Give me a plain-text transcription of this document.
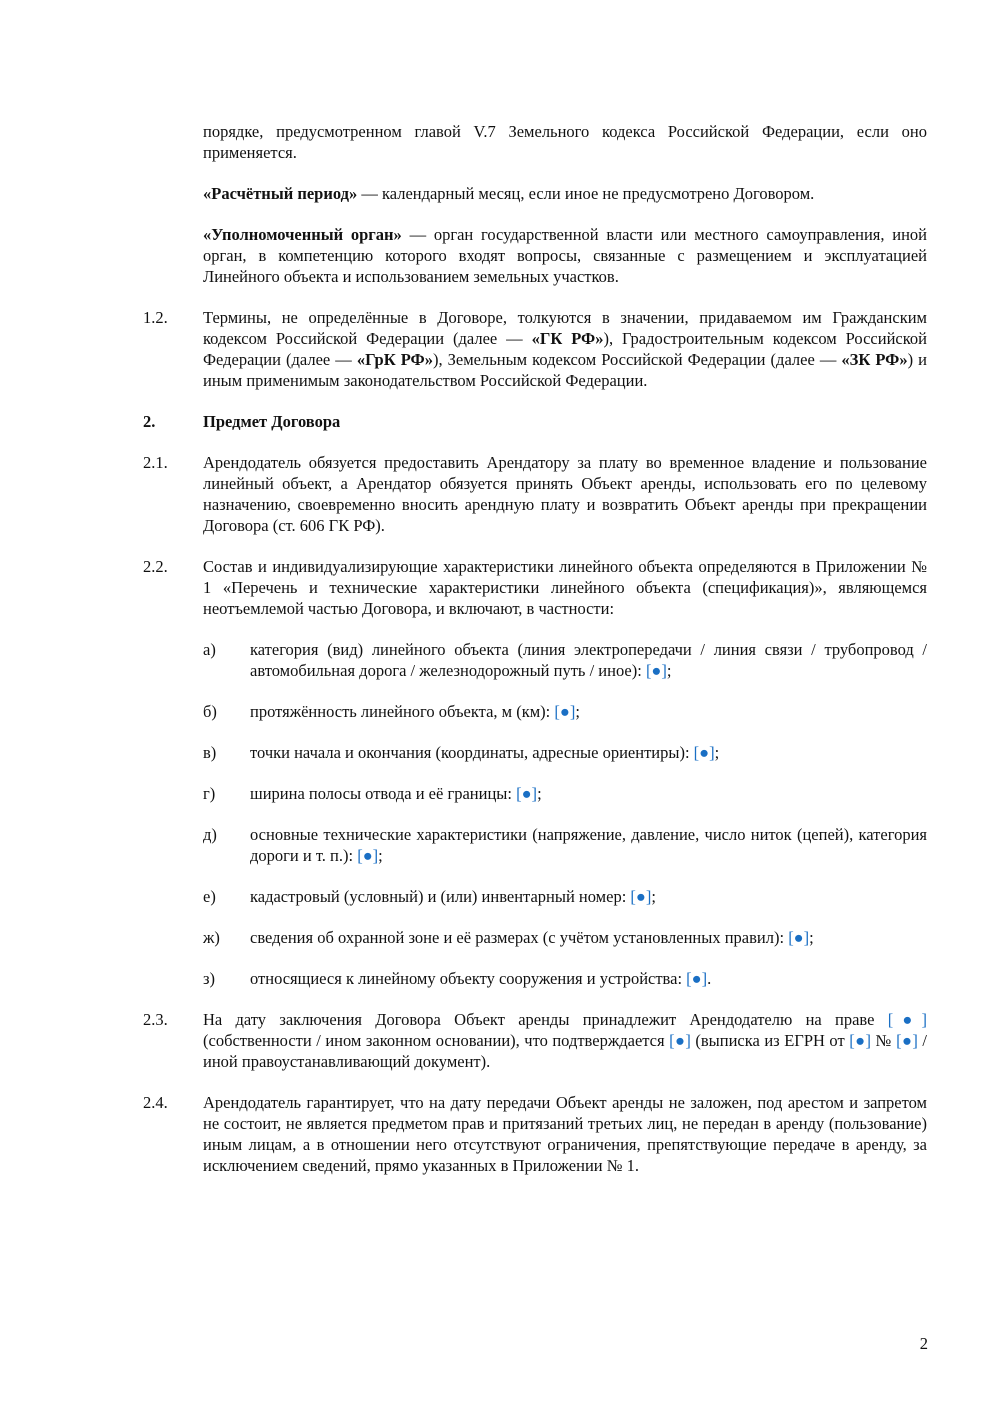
порядке, предусмотренном главой V.7 Земельного кодекса Российской Федерации, если оно применяется.

«Расчётный период» — календарный месяц, если иное не предусмотрено Договором.

«Уполномоченный орган» — орган государственной власти или местного самоуправления, иной орган, в компетенцию которого входят вопросы, связанные с размещением и эксплуатацией Линейного объекта и использованием земельных участков.

1.2.	Термины, не определённые в Договоре, толкуются в значении, придаваемом им Гражданским кодексом Российской Федерации (далее — «ГК РФ»), Градостроительным кодексом Российской Федерации (далее — «ГрК РФ»), Земельным кодексом Российской Федерации (далее — «ЗК РФ») и иным применимым законодательством Российской Федерации.

2.	Предмет Договора
2.1.	Арендодатель обязуется предоставить Арендатору за плату во временное владение и пользование линейный объект, а Арендатор обязуется принять Объект аренды, использовать его по целевому назначению, своевременно вносить арендную плату и возвратить Объект аренды при прекращении Договора (ст. 606 ГК РФ).

2.2.	Состав и индивидуализирующие характеристики линейного объекта определяются в Приложении № 1 «Перечень и технические характеристики линейного объекта (спецификация)», являющемся неотъемлемой частью Договора, и включают, в частности:

а)	категория (вид) линейного объекта (линия электропередачи / линия связи / трубопровод / автомобильная дорога / железнодорожный путь / иное): [●];

б)	протяжённость линейного объекта, м (км): [●];

в)	точки начала и окончания (координаты, адресные ориентиры): [●];

г)	ширина полосы отвода и её границы: [●];

д)	основные технические характеристики (напряжение, давление, число ниток (цепей), категория дороги и т. п.): [●];

е)	кадастровый (условный) и (или) инвентарный номер: [●];

ж)	сведения об охранной зоне и её размерах (с учётом установленных правил): [●];

з)	относящиеся к линейному объекту сооружения и устройства: [●].

2.3.	На дату заключения Договора Объект аренды принадлежит Арендодателю на праве [●] (собственности / ином законном основании), что подтверждается [●] (выписка из ЕГРН от [●] № [●] / иной правоустанавливающий документ).

2.4.	Арендодатель гарантирует, что на дату передачи Объект аренды не заложен, под арестом и запретом не состоит, не является предметом прав и притязаний третьих лиц, не передан в аренду (пользование) иным лицам, а в отношении него отсутствуют ограничения, препятствующие передаче в аренду, за исключением сведений, прямо указанных в Приложении № 1.

2
